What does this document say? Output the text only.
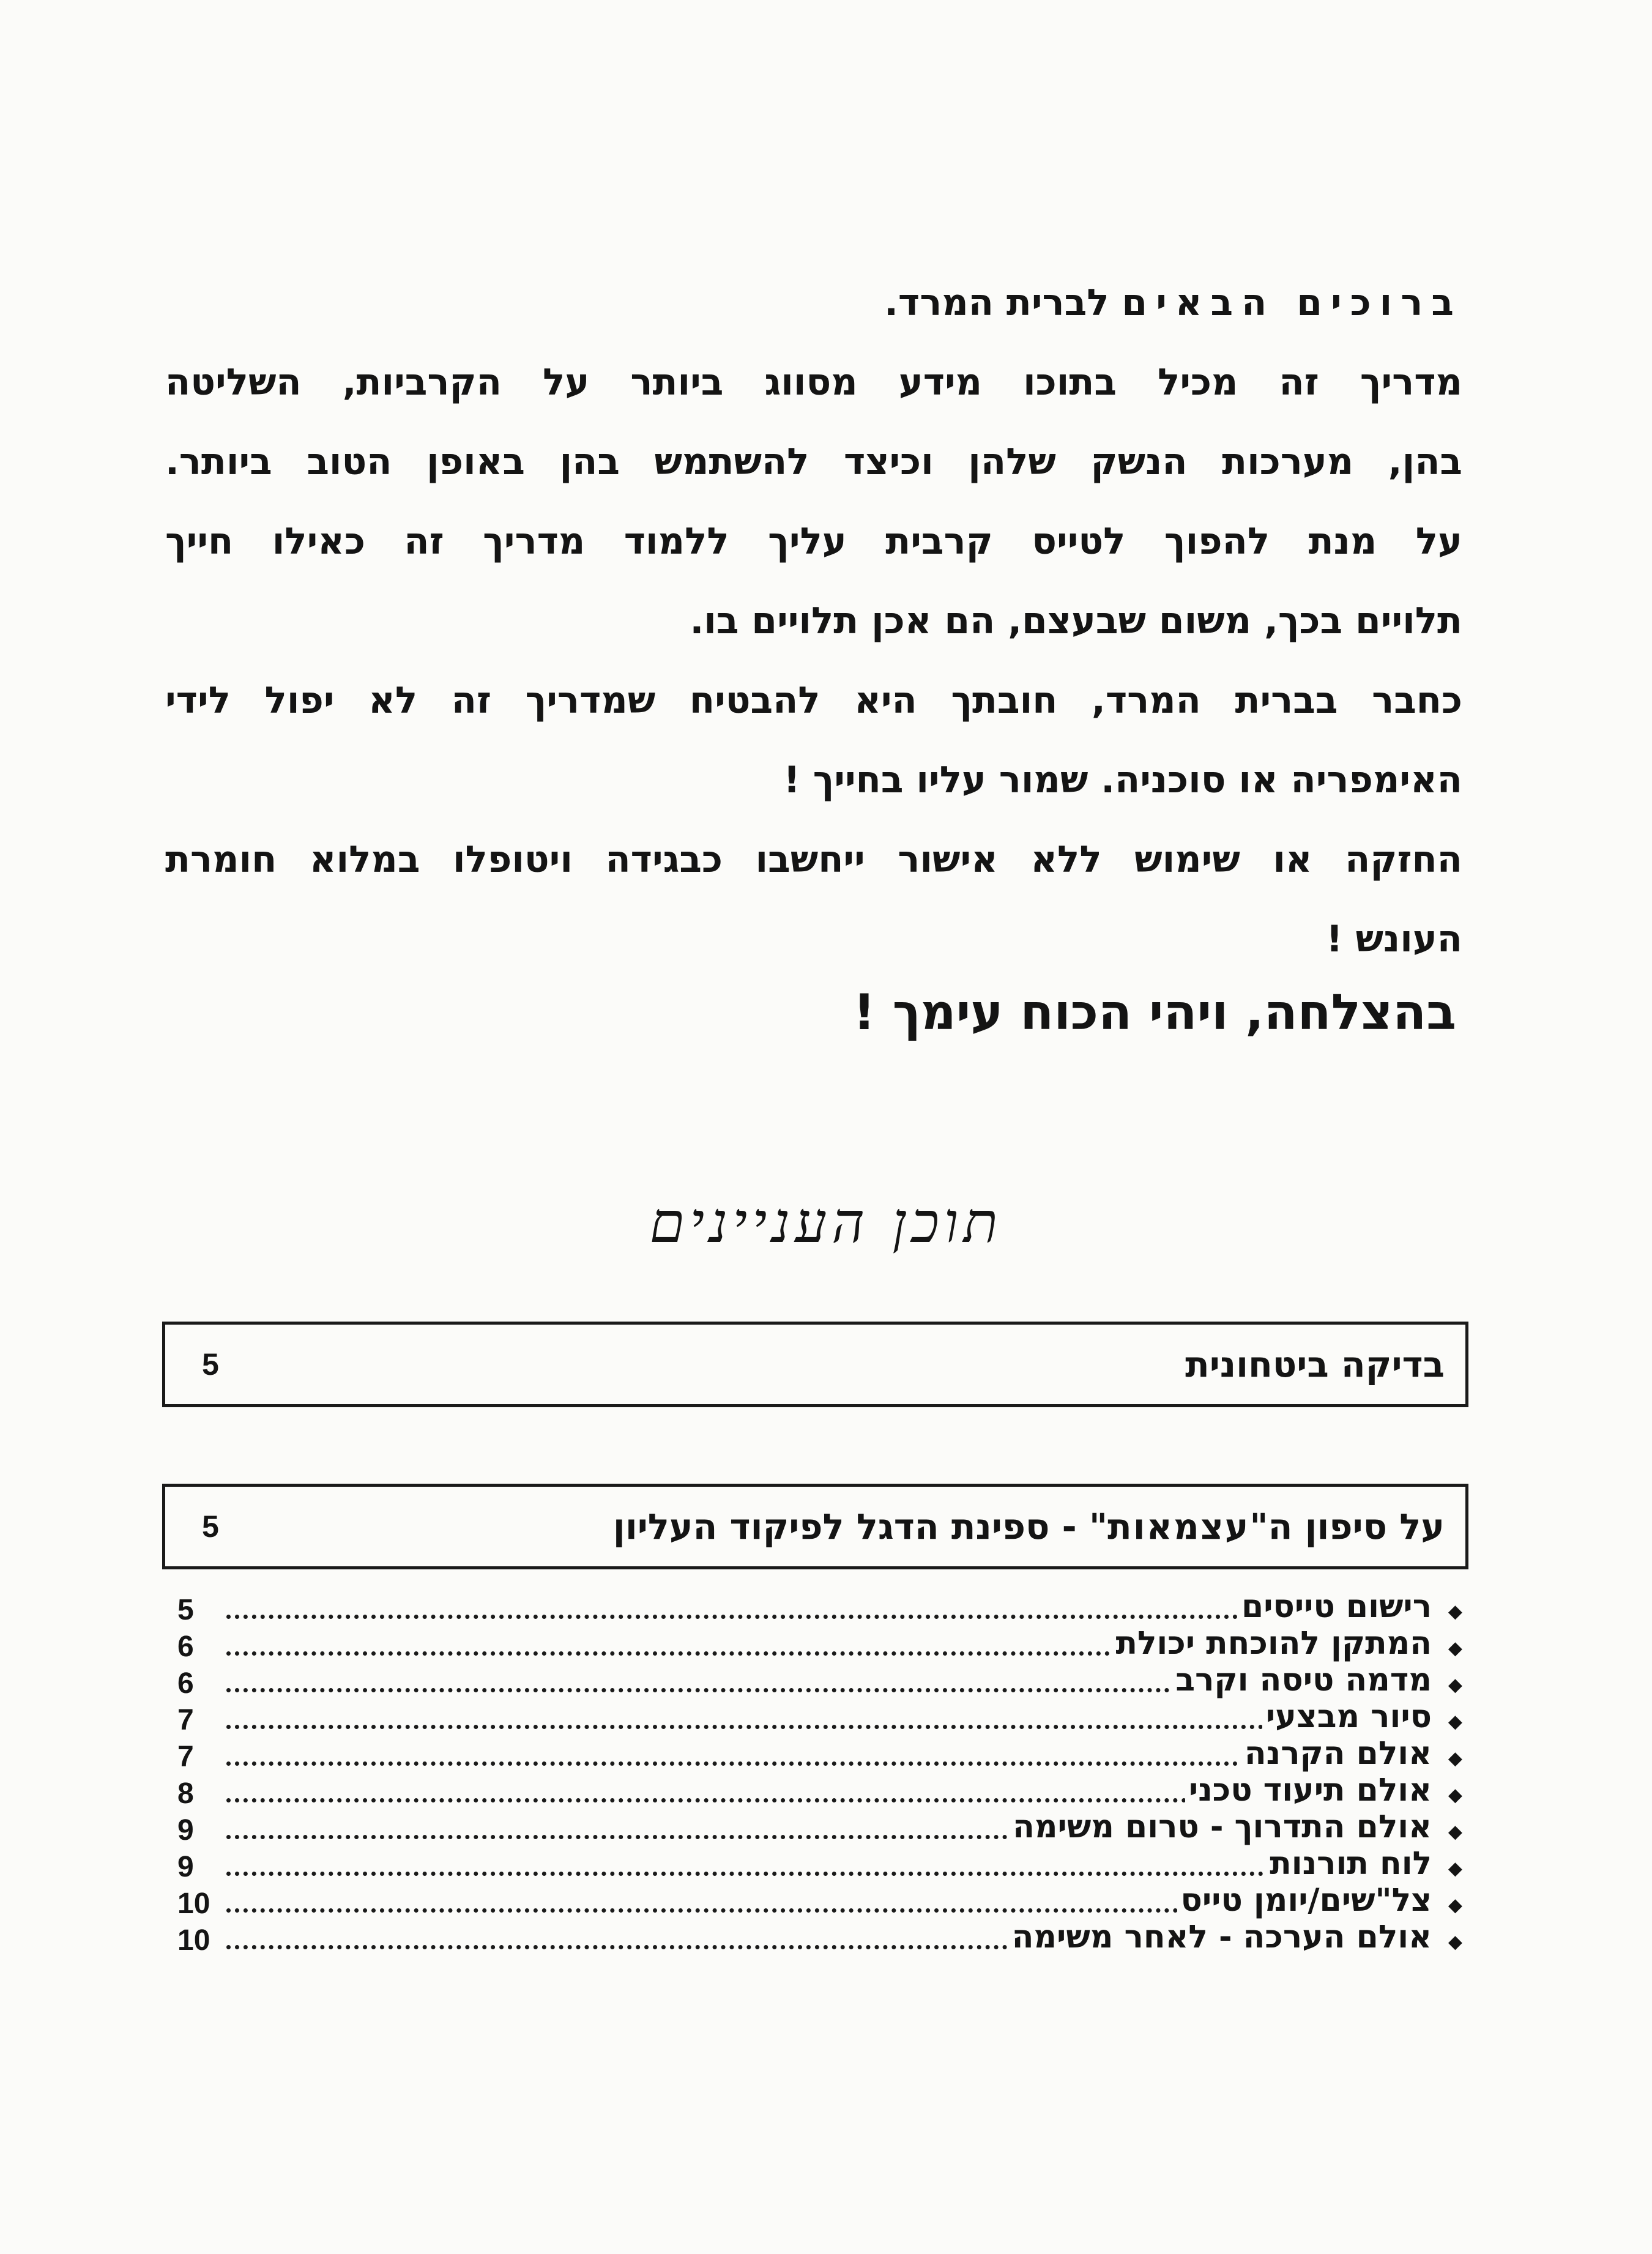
ברוכים הבאים לברית המרד.
מדריך זה מכיל בתוכו מידע מסווג ביותר על הקרביות, השליטה
בהן, מערכות הנשק שלהן וכיצד להשתמש בהן באופן הטוב ביותר.
על מנת להפוך לטייס קרבית עליך ללמוד מדריך זה כאילו חייך
תלויים בכך, משום שבעצם, הם אכן תלויים בו.
כחבר בברית המרד, חובתך היא להבטיח שמדריך זה לא יפול לידי
האימפריה או סוכניה. שמור עליו בחייך !
החזקה או שימוש ללא אישור ייחשבו כבגידה ויטופלו במלוא חומרת
העונש !
בהצלחה, ויהי הכוח עימך !
תוכן העניינים
בדיקה ביטחונית
5
על סיפון ה"עצמאות" - ספינת הדגל לפיקוד העליון
5
◆
רישום טייסים
5
◆
המתקן להוכחת יכולת
6
◆
מדמה טיסה וקרב
6
◆
סיור מבצעי
7
◆
אולם הקרנה
7
◆
אולם תיעוד טכני
8
◆
אולם התדרוך - טרום משימה
9
◆
לוח תורנות
9
◆
צל"שים/יומן טייס
10
◆
אולם הערכה - לאחר משימה
10
